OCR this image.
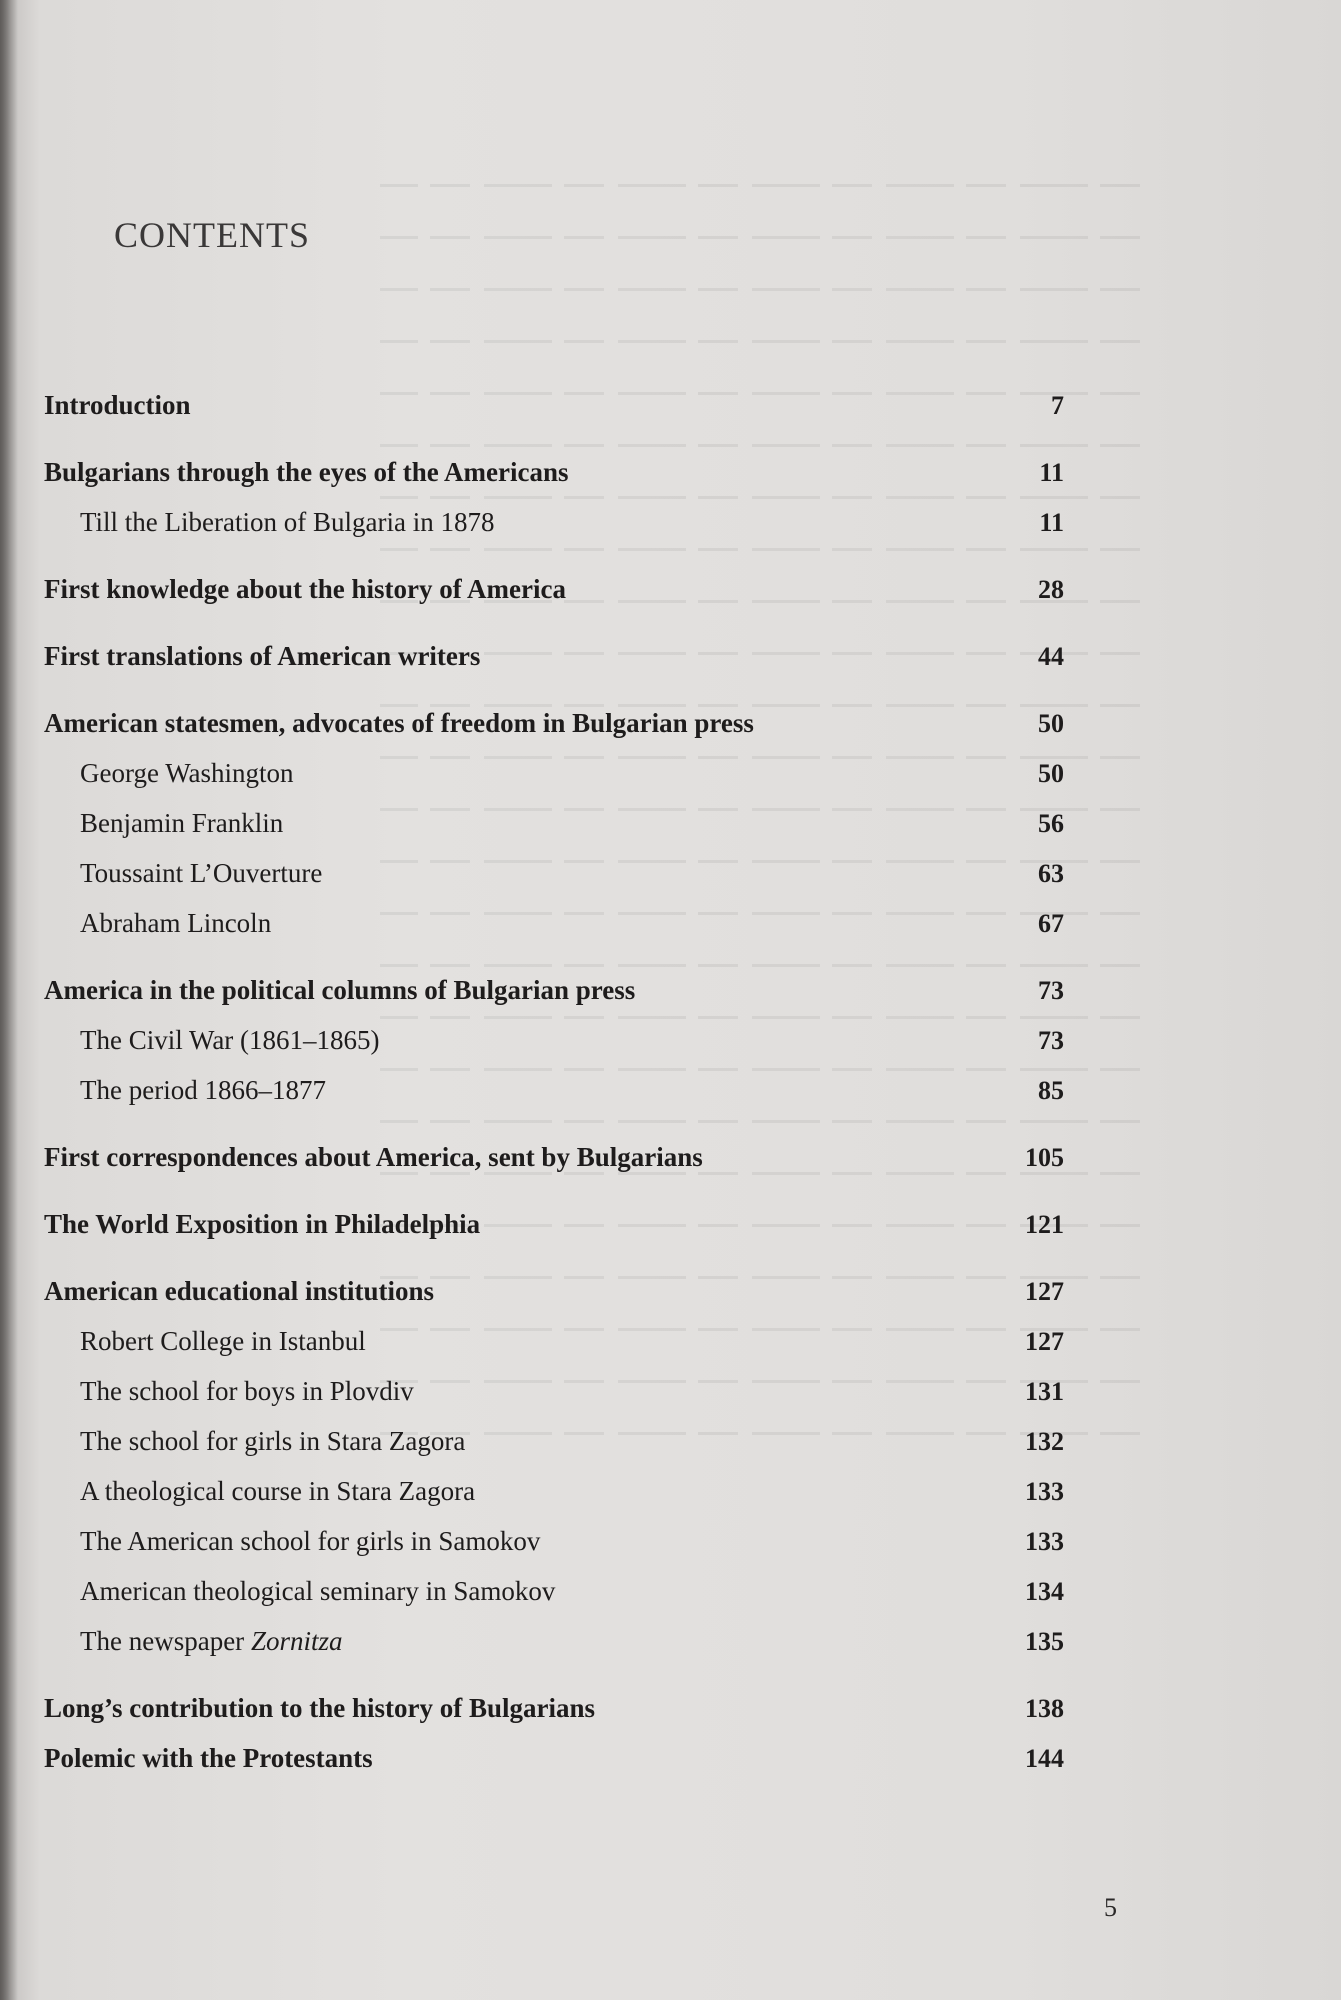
CONTENTS
Introduction	7
Bulgarians through the eyes of the Americans	11
Till the Liberation of Bulgaria in 1878	11
First knowledge about the history of America	28
First translations of American writers	44
American statesmen, advocates of freedom in Bulgarian press	50
George Washington	50
Benjamin Franklin	56
Toussaint L’Ouverture	63
Abraham Lincoln	67
America in the political columns of Bulgarian press	73
The Civil War (1861–1865)	73
The period 1866–1877	85
First correspondences about America, sent by Bulgarians	105
The World Exposition in Philadelphia	121
American educational institutions	127
Robert College in Istanbul	127
The school for boys in Plovdiv	131
The school for girls in Stara Zagora	132
A theological course in Stara Zagora	133
The American school for girls in Samokov	133
American theological seminary in Samokov	134
The newspaper Zornitza	135
Long’s contribution to the history of Bulgarians	138
Polemic with the Protestants	144
5
